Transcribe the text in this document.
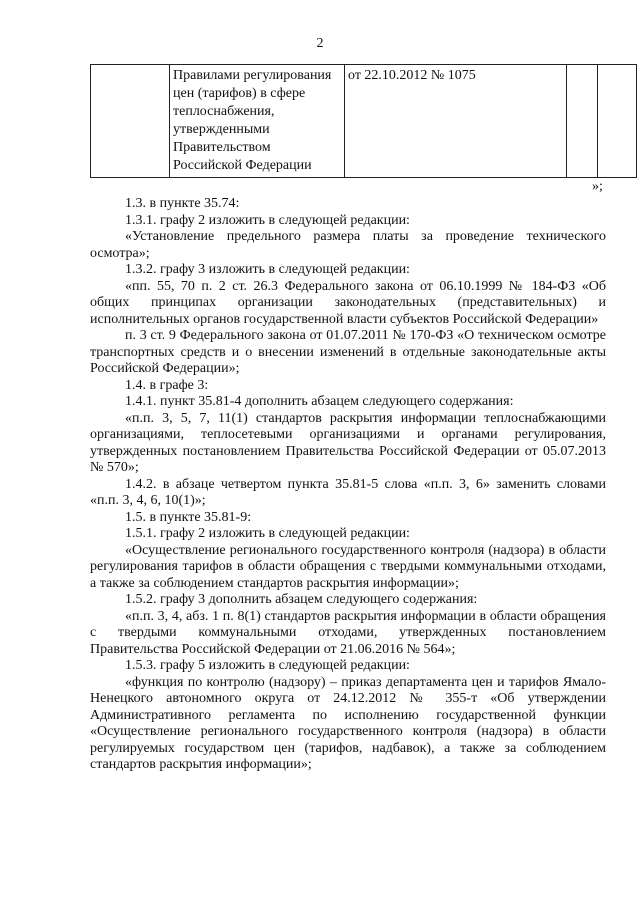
2
	Правилами регулирования цен (тарифов) в сфере теплоснабжения, утвержденными Правительством Российской Федерации	от 22.10.2012 № 1075		
»;

1.3. в пункте 35.74:

1.3.1. графу 2 изложить в следующей редакции:

«Установление предельного размера платы за проведение технического осмотра»;

1.3.2. графу 3 изложить в следующей редакции:

«пп. 55, 70 п. 2 ст. 26.3 Федерального закона от 06.10.1999 № 184-ФЗ «Об общих принципах организации законодательных (представительных) и исполнительных органов государственной власти субъектов Российской Федерации»

п. 3 ст. 9 Федерального закона от 01.07.2011 № 170-ФЗ «О техническом осмотре транспортных средств и о внесении изменений в отдельные законодательные акты Российской Федерации»;

1.4. в графе 3:

1.4.1. пункт 35.81-4 дополнить абзацем следующего содержания:

«п.п. 3, 5, 7, 11(1) стандартов раскрытия информации теплоснабжающими организациями, теплосетевыми организациями и органами регулирования, утвержденных постановлением Правительства Российской Федерации от 05.07.2013 № 570»;

1.4.2. в абзаце четвертом пункта 35.81-5 слова «п.п. 3, 6» заменить словами «п.п. 3, 4, 6, 10(1)»;

1.5. в пункте 35.81-9:

1.5.1. графу 2 изложить в следующей редакции:

«Осуществление регионального государственного контроля (надзора) в области регулирования тарифов в области обращения с твердыми коммунальными отходами, а также за соблюдением стандартов раскрытия информации»;

1.5.2. графу 3 дополнить абзацем следующего содержания:

«п.п. 3, 4, абз. 1 п. 8(1) стандартов раскрытия информации в области обращения с твердыми коммунальными отходами, утвержденных постановлением Правительства Российской Федерации от 21.06.2016 № 564»;

1.5.3. графу 5 изложить в следующей редакции:

«функция по контролю (надзору) – приказ департамента цен и тарифов Ямало-Ненецкого автономного округа от 24.12.2012 № 355-т «Об утверждении Административного регламента по исполнению государственной функции «Осуществление регионального государственного контроля (надзора) в области регулируемых государством цен (тарифов, надбавок), а также за соблюдением стандартов раскрытия информации»;
